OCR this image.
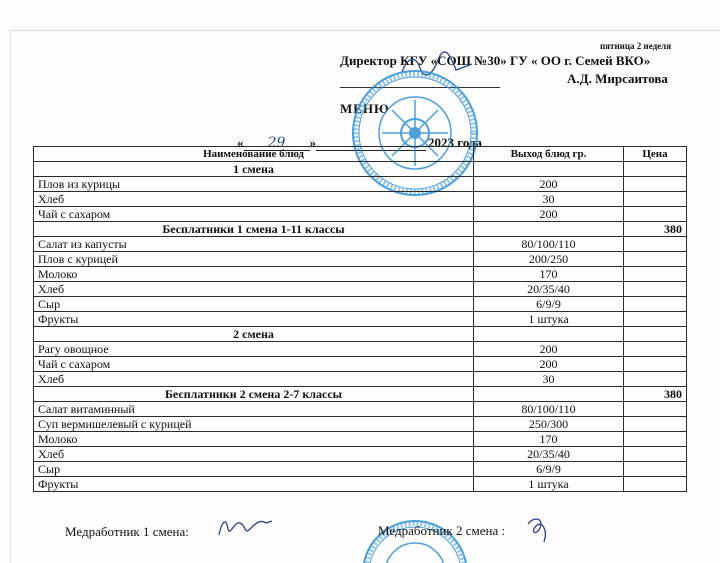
пятница 2 неделя
Директор КГУ «СОШ №30» ГУ « ОО г. Семей ВКО»
А.Д. Мирсаитова
МЕНЮ
« 29 »	2023 года
Наименование блюд	Выход блюд гр.	Цена
1 смена		
Плов из курицы	200	
Хлеб	30	
Чай с сахаром	200	
Бесплатники 1 смена 1-11 классы		380
Салат из капусты	80/100/110	
Плов с курицей	200/250	
Молоко	170	
Хлеб	20/35/40	
Сыр	6/9/9	
Фрукты	1 штука	
2 смена		
Рагу овощное	200	
Чай с сахаром	200	
Хлеб	30	
Бесплатники 2 смена 2-7 классы		380
Салат витаминный	80/100/110	
Суп вермишелевый с курицей	250/300	
Молоко	170	
Хлеб	20/35/40	
Сыр	6/9/9	
Фрукты	1 штука	
Медработник 1 смена:	Медработник 2 смена :
